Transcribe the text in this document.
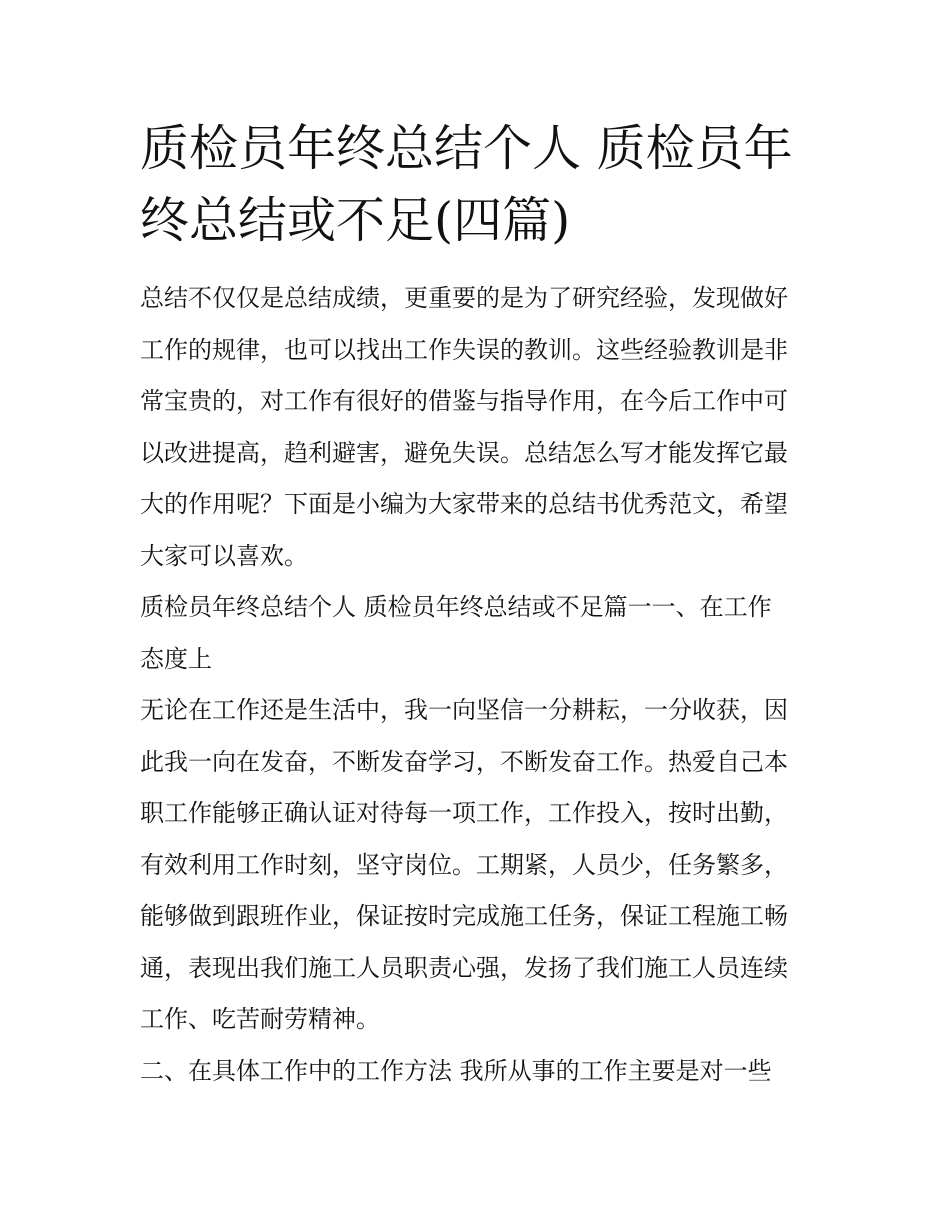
质检员年终总结个人 质检员年
终总结或不足(四篇)

总结不仅仅是总结成绩，更重要的是为了研究经验，发现做好
工作的规律，也可以找出工作失误的教训。这些经验教训是非
常宝贵的，对工作有很好的借鉴与指导作用，在今后工作中可
以改进提高，趋利避害，避免失误。总结怎么写才能发挥它最
大的作用呢？下面是小编为大家带来的总结书优秀范文，希望
大家可以喜欢。

质检员年终总结个人 质检员年终总结或不足篇一一、在工作
态度上

无论在工作还是生活中，我一向坚信一分耕耘，一分收获，因
此我一向在发奋，不断发奋学习，不断发奋工作。热爱自己本
职工作能够正确认证对待每一项工作，工作投入，按时出勤，
有效利用工作时刻，坚守岗位。工期紧，人员少，任务繁多，
能够做到跟班作业，保证按时完成施工任务，保证工程施工畅
通，表现出我们施工人员职责心强，发扬了我们施工人员连续
工作、吃苦耐劳精神。

二、在具体工作中的工作方法 我所从事的工作主要是对一些
